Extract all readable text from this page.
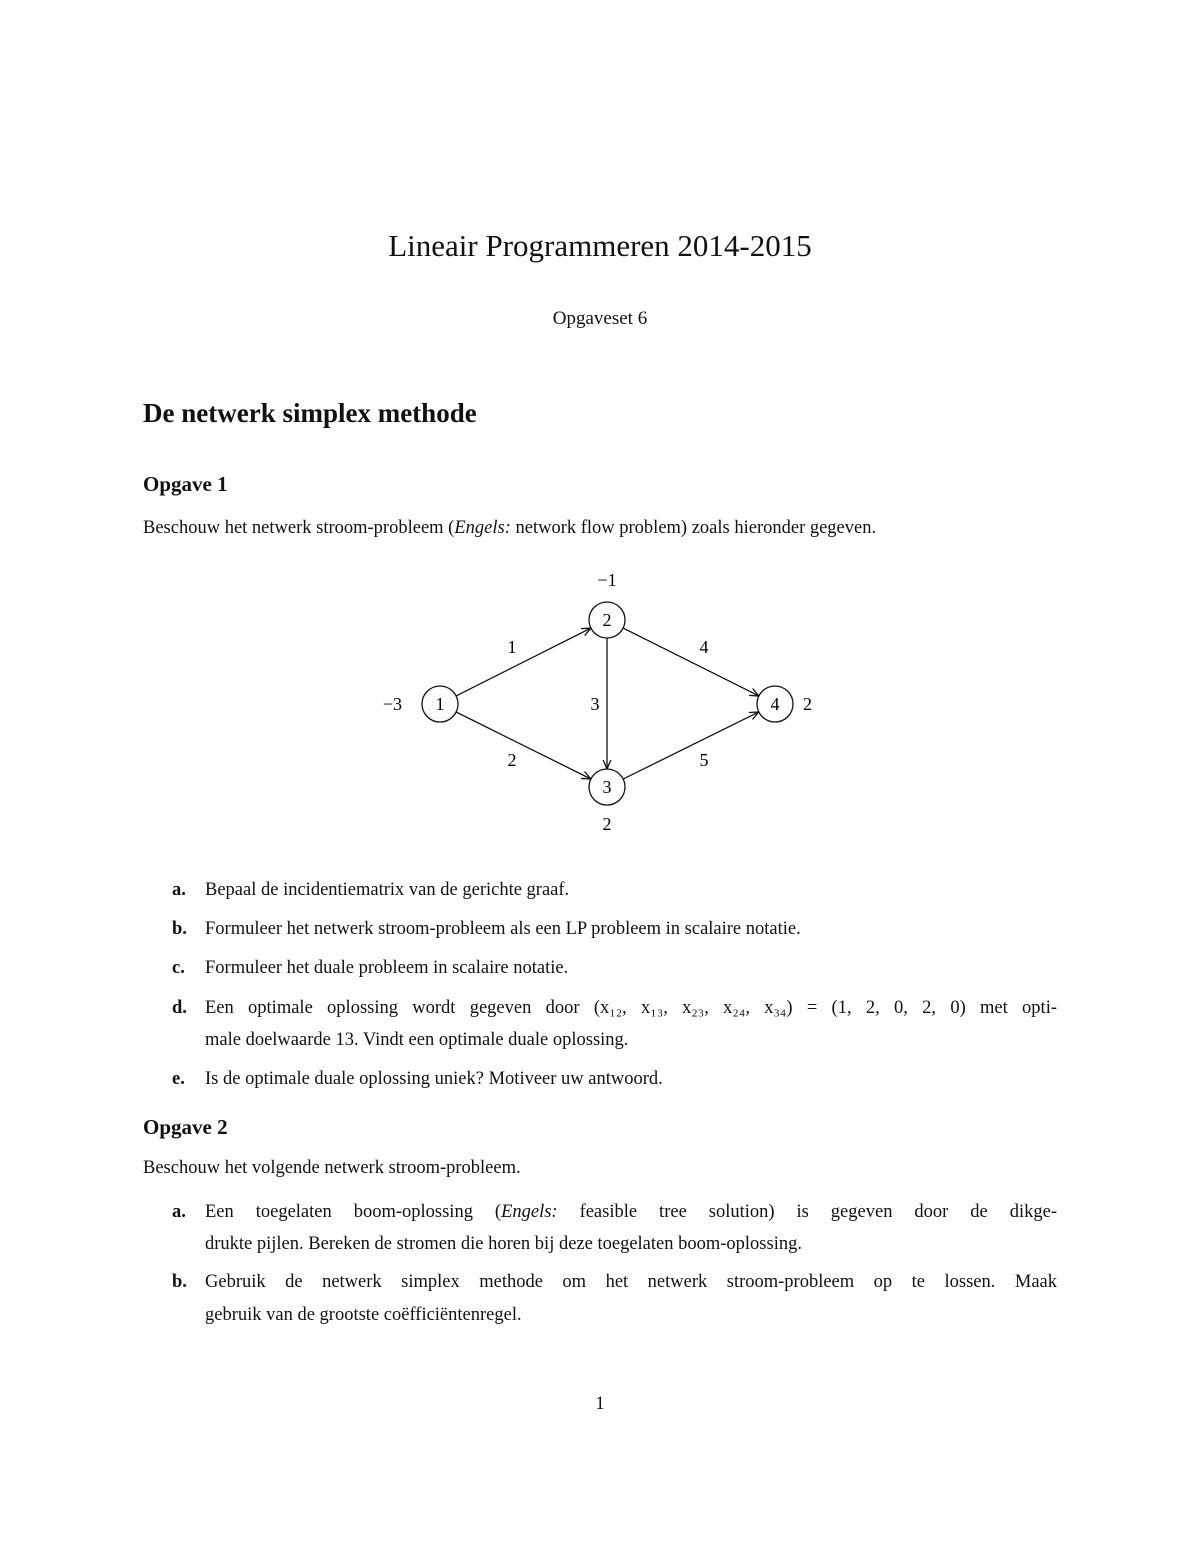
Lineair Programmeren 2014-2015
Opgaveset 6
De netwerk simplex methode
Opgave 1
Beschouw het netwerk stroom-probleem (Engels: network flow problem) zoals hieronder gegeven.
1
2
3
4
1
2
3
4
5
−3
−1
2
2
a. Bepaal de incidentiematrix van de gerichte graaf.
b. Formuleer het netwerk stroom-probleem als een LP probleem in scalaire notatie.
c. Formuleer het duale probleem in scalaire notatie.
d. Een optimale oplossing wordt gegeven door (x₁₂, x₁₃, x₂₃, x₂₄, x₃₄) = (1, 2, 0, 2, 0) met opti-
male doelwaarde 13. Vindt een optimale duale oplossing.
e. Is de optimale duale oplossing uniek? Motiveer uw antwoord.
Opgave 2
Beschouw het volgende netwerk stroom-probleem.
a. Een toegelaten boom-oplossing (Engels: feasible tree solution) is gegeven door de dikge-
drukte pijlen. Bereken de stromen die horen bij deze toegelaten boom-oplossing.
b. Gebruik de netwerk simplex methode om het netwerk stroom-probleem op te lossen. Maak
gebruik van de grootste coëfficiëntenregel.
1
